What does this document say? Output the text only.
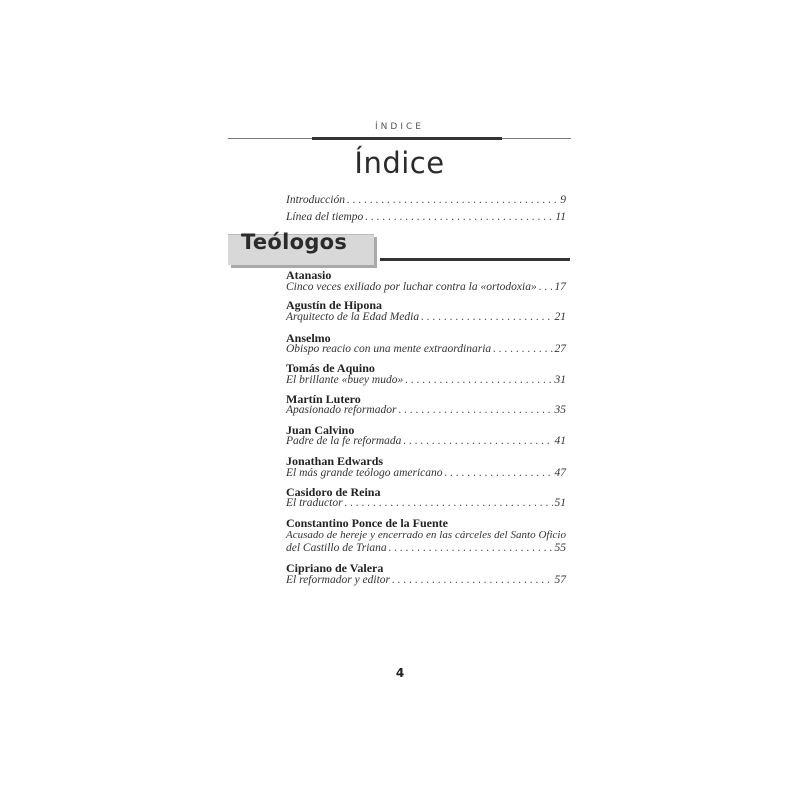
ÍNDICE
Índice
Introducción . . .	9
Línea del tiempo . . .	11
Teólogos
Atanasio
Cinco veces exiliado por luchar contra la «ortodoxia» . . . 17
Agustín de Hipona
Arquitecto de la Edad Media . . .	21
Anselmo
Obispo reacio con una mente extraordinaria . . .	27
Tomás de Aquino
El brillante «buey mudo» . . .	31
Martín Lutero
Apasionado reformador . . .	35
Juan Calvino
Padre de la fe reformada . . .	41
Jonathan Edwards
El más grande teólogo americano . . .	47
Casidoro de Reina
El traductor . . .	51
Constantino Ponce de la Fuente
Acusado de hereje y encerrado en las cárceles del Santo Oficio
del Castillo de Triana . . .	55
Cipriano de Valera
El reformador y editor . . .	57
4
